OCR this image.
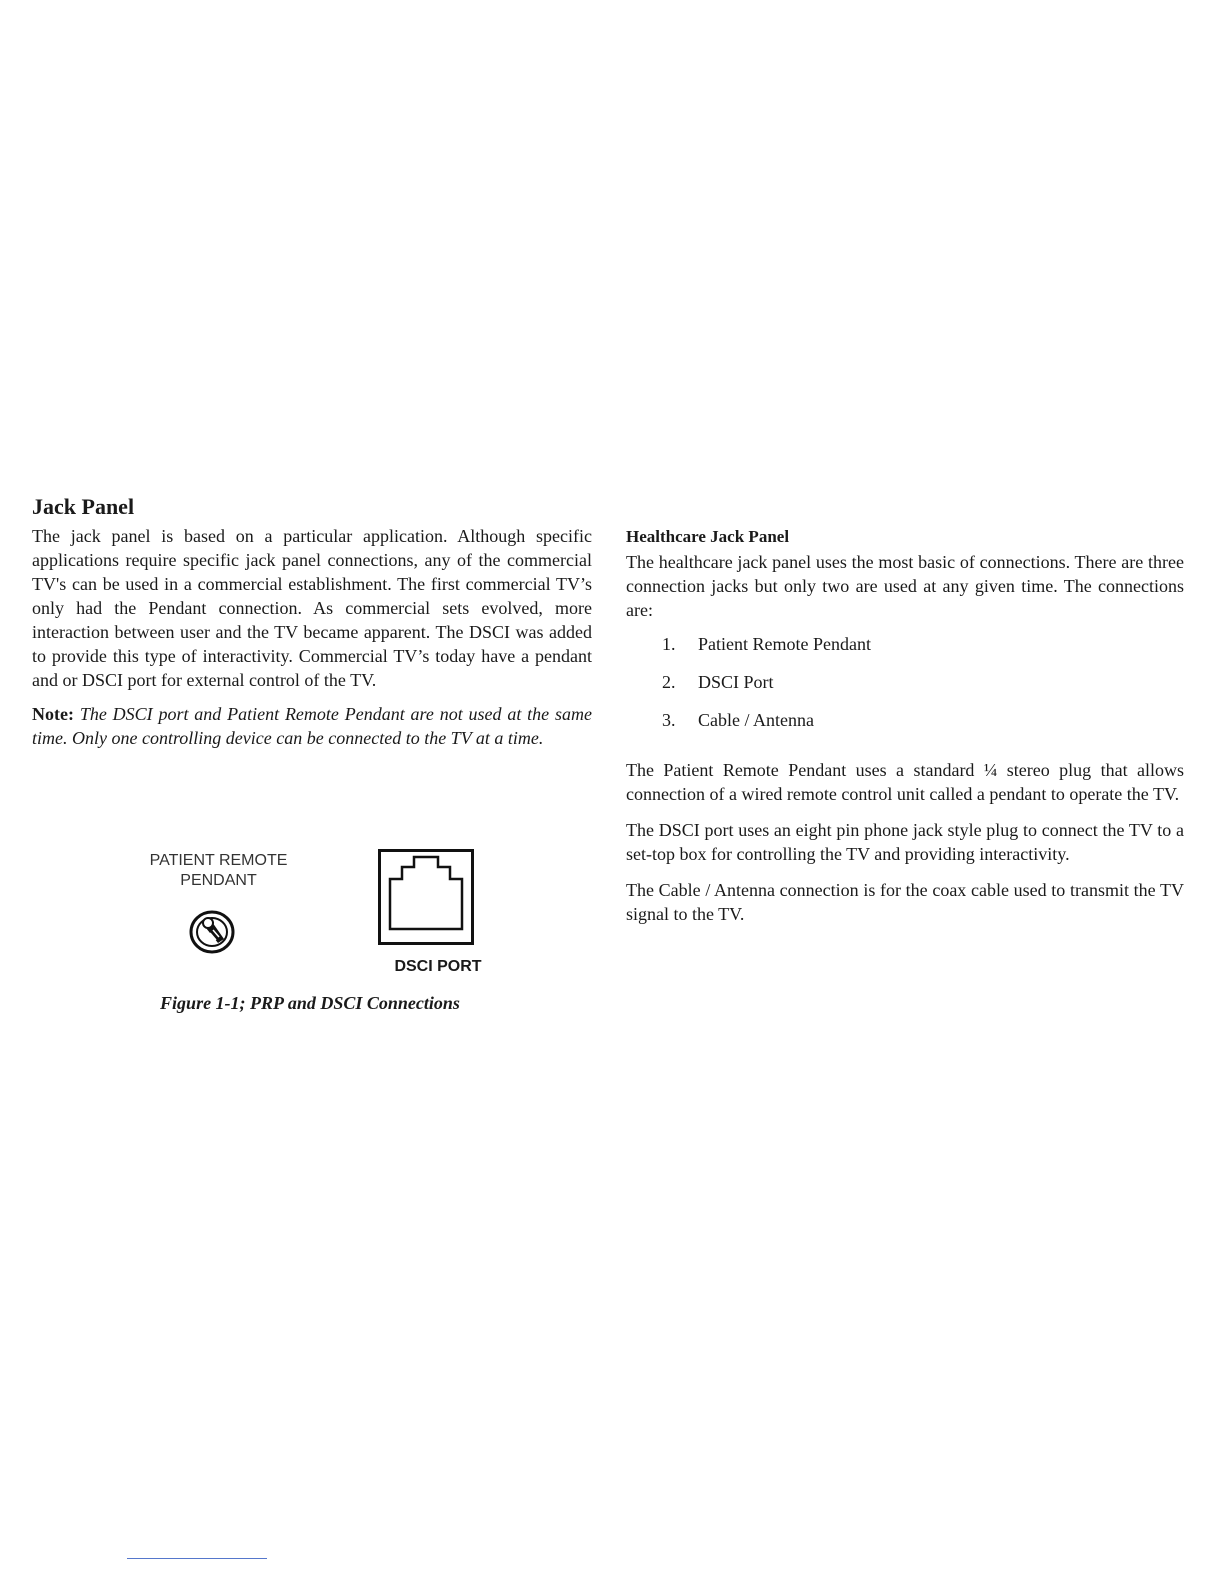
Jack Panel

The jack panel is based on a particular application. Although specific applications require specific jack panel connections, any of the commercial TV's can be used in a commercial establishment. The first commercial TV’s only had the Pendant connection. As commercial sets evolved, more interaction between user and the TV became apparent. The DSCI was added to provide this type of interactivity. Commercial TV’s today have a pendant and or DSCI port for external control of the TV.

Note: The DSCI port and Patient Remote Pendant are not used at the same time. Only one controlling device can be connected to the TV at a time.

PATIENT REMOTE
PENDANT
DSCI PORT
Figure 1-1; PRP and DSCI Connections
Healthcare Jack Panel

The healthcare jack panel uses the most basic of connections. There are three connection jacks but only two are used at any given time. The connections are:

1.	Patient Remote Pendant
2.	DSCI Port
3.	Cable / Antenna

The Patient Remote Pendant uses a standard ¼ stereo plug that allows connection of a wired remote control unit called a pendant to operate the TV.

The DSCI port uses an eight pin phone jack style plug to connect the TV to a set-top box for controlling the TV and providing interactivity.

The Cable / Antenna connection is for the coax cable used to transmit the TV signal to the TV.
